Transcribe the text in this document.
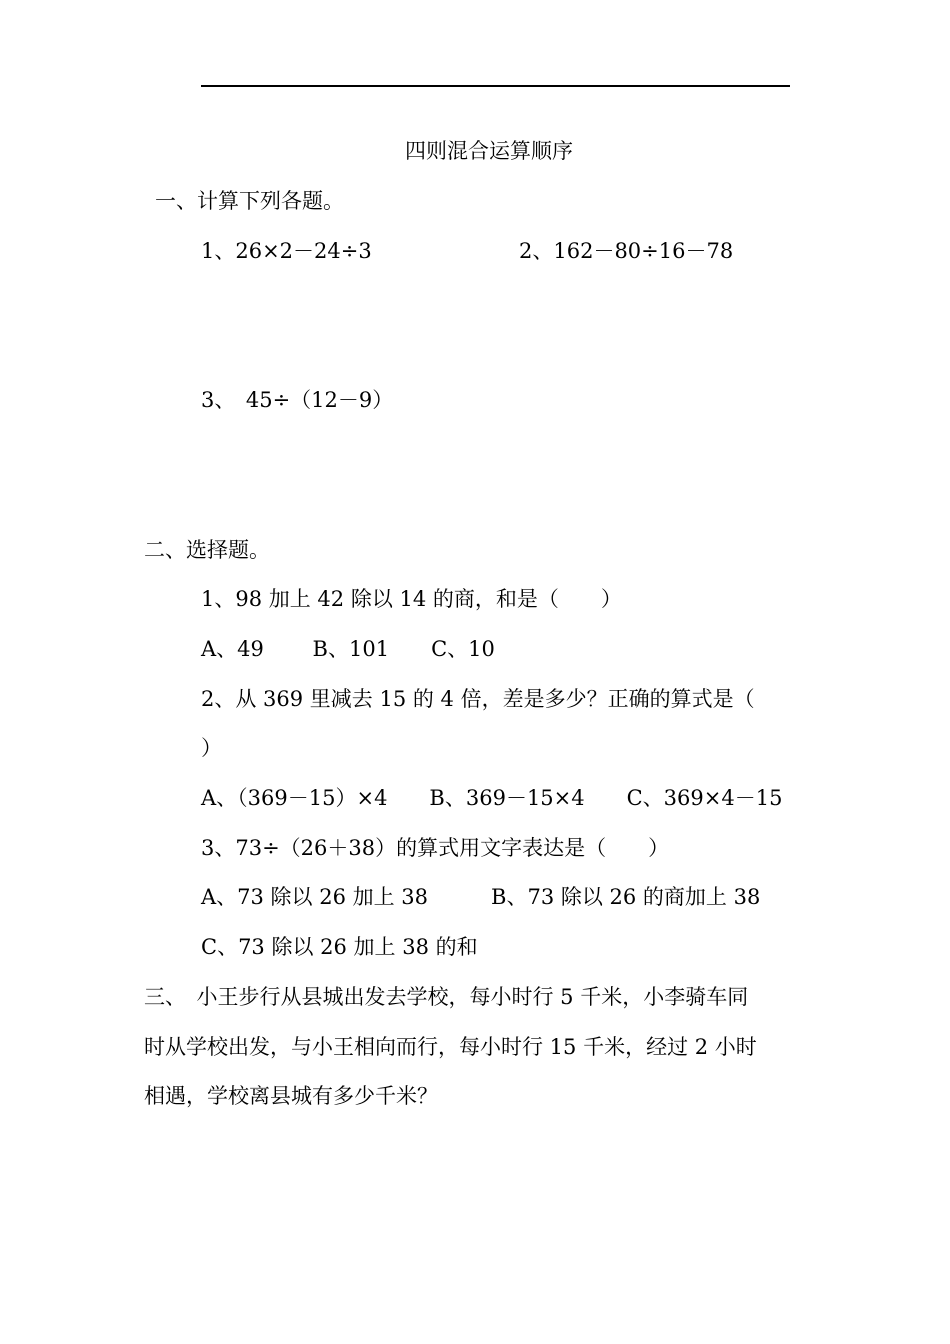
四则混合运算顺序
一、计算下列各题。
1、26×2－24÷3	2、162－80÷16－78
3、　45÷（12－9）
二、选择题。
1、98 加上 42 除以 14 的商，和是（　　）
A、49　　 B、101　　C、10
2、从 369 里减去 15 的 4 倍，差是多少？正确的算式是（
）
A、（369－15）×4　　B、369－15×4　　C、369×4－15
3、73÷（26＋38）的算式用文字表达是（　　）
A、73 除以 26 加上 38　　　B、73 除以 26 的商加上 38
C、73 除以 26 加上 38 的和
三、　小王步行从县城出发去学校，每小时行 5 千米，小李骑车同
时从学校出发，与小王相向而行，每小时行 15 千米，经过 2 小时
相遇，学校离县城有多少千米？
